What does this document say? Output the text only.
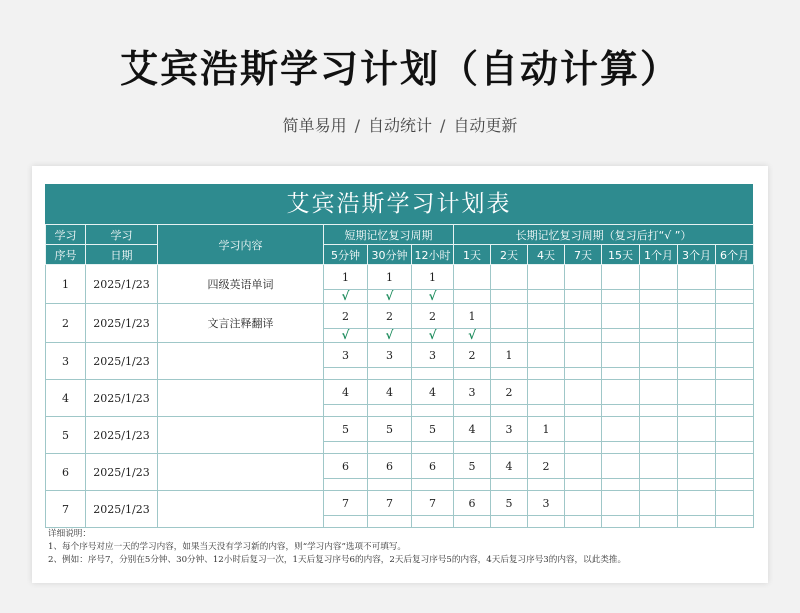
艾宾浩斯学习计划（自动计算）
简单易用 / 自动统计 / 自动更新
艾宾浩斯学习计划表
学习	学习	学习内容	短期记忆复习周期			长期记忆复习周期（复习后打“√ ”）							
序号	日期		5分钟	30分钟	12小时	1天	2天	4天	7天	15天	1个月	3个月	6个月
1	2025/1/23	四级英语单词	1	1	1								
			√	√	√								
2	2025/1/23	文言注释翻译	2	2	2	1							
			√	√	√	√							
3	2025/1/23		3	3	3	2	1						

4	2025/1/23		4	4	4	3	2						

5	2025/1/23		5	5	5	4	3	1					

6	2025/1/23		6	6	6	5	4	2					

7	2025/1/23		7	7	7	6	5	3					

详细说明：
1、每个序号对应一天的学习内容，如果当天没有学习新的内容，则“学习内容”选项不可填写。
2、例如：序号7，分别在5分钟、30分钟、12小时后复习一次，1天后复习序号6的内容，2天后复习序号5的内容，4天后复习序号3的内容，以此类推。
